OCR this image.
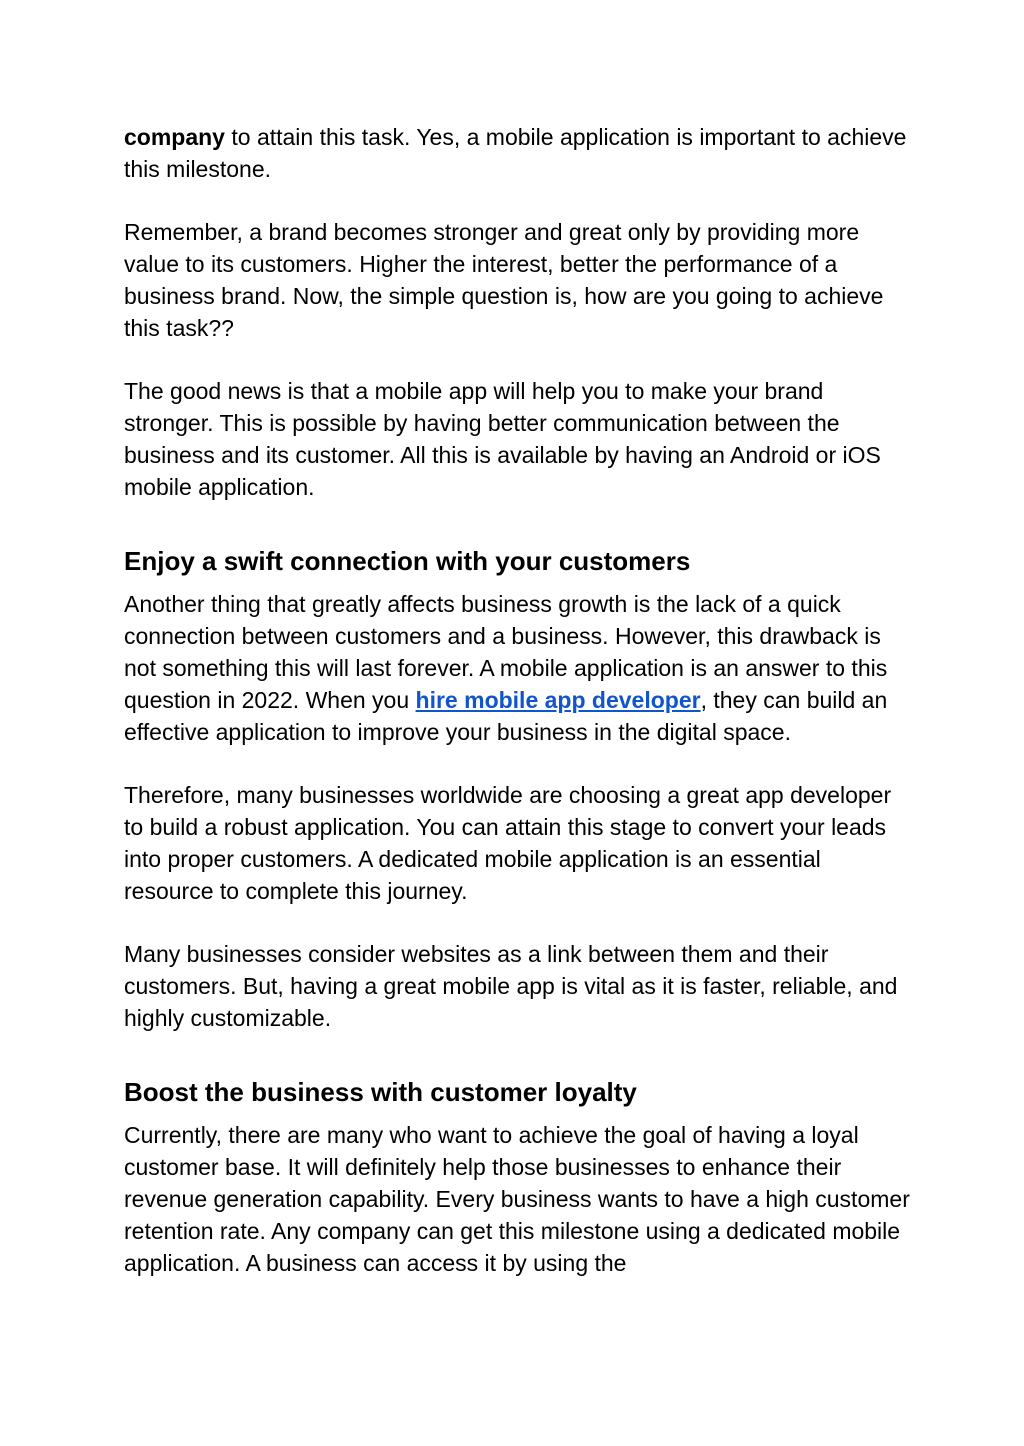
company to attain this task. Yes, a mobile application is important to achieve this milestone.

Remember, a brand becomes stronger and great only by providing more value to its customers. Higher the interest, better the performance of a business brand. Now, the simple question is, how are you going to achieve this task??

The good news is that a mobile app will help you to make your brand stronger. This is possible by having better communication between the business and its customer. All this is available by having an Android or iOS mobile application.

Enjoy a swift connection with your customers

Another thing that greatly affects business growth is the lack of a quick connection between customers and a business. However, this drawback is not something this will last forever. A mobile application is an answer to this question in 2022. When you hire mobile app developer, they can build an effective application to improve your business in the digital space.

Therefore, many businesses worldwide are choosing a great app developer to build a robust application. You can attain this stage to convert your leads into proper customers. A dedicated mobile application is an essential resource to complete this journey.

Many businesses consider websites as a link between them and their customers. But, having a great mobile app is vital as it is faster, reliable, and highly customizable.

Boost the business with customer loyalty

Currently, there are many who want to achieve the goal of having a loyal customer base. It will definitely help those businesses to enhance their revenue generation capability. Every business wants to have a high customer retention rate. Any company can get this milestone using a dedicated mobile application. A business can access it by using the
